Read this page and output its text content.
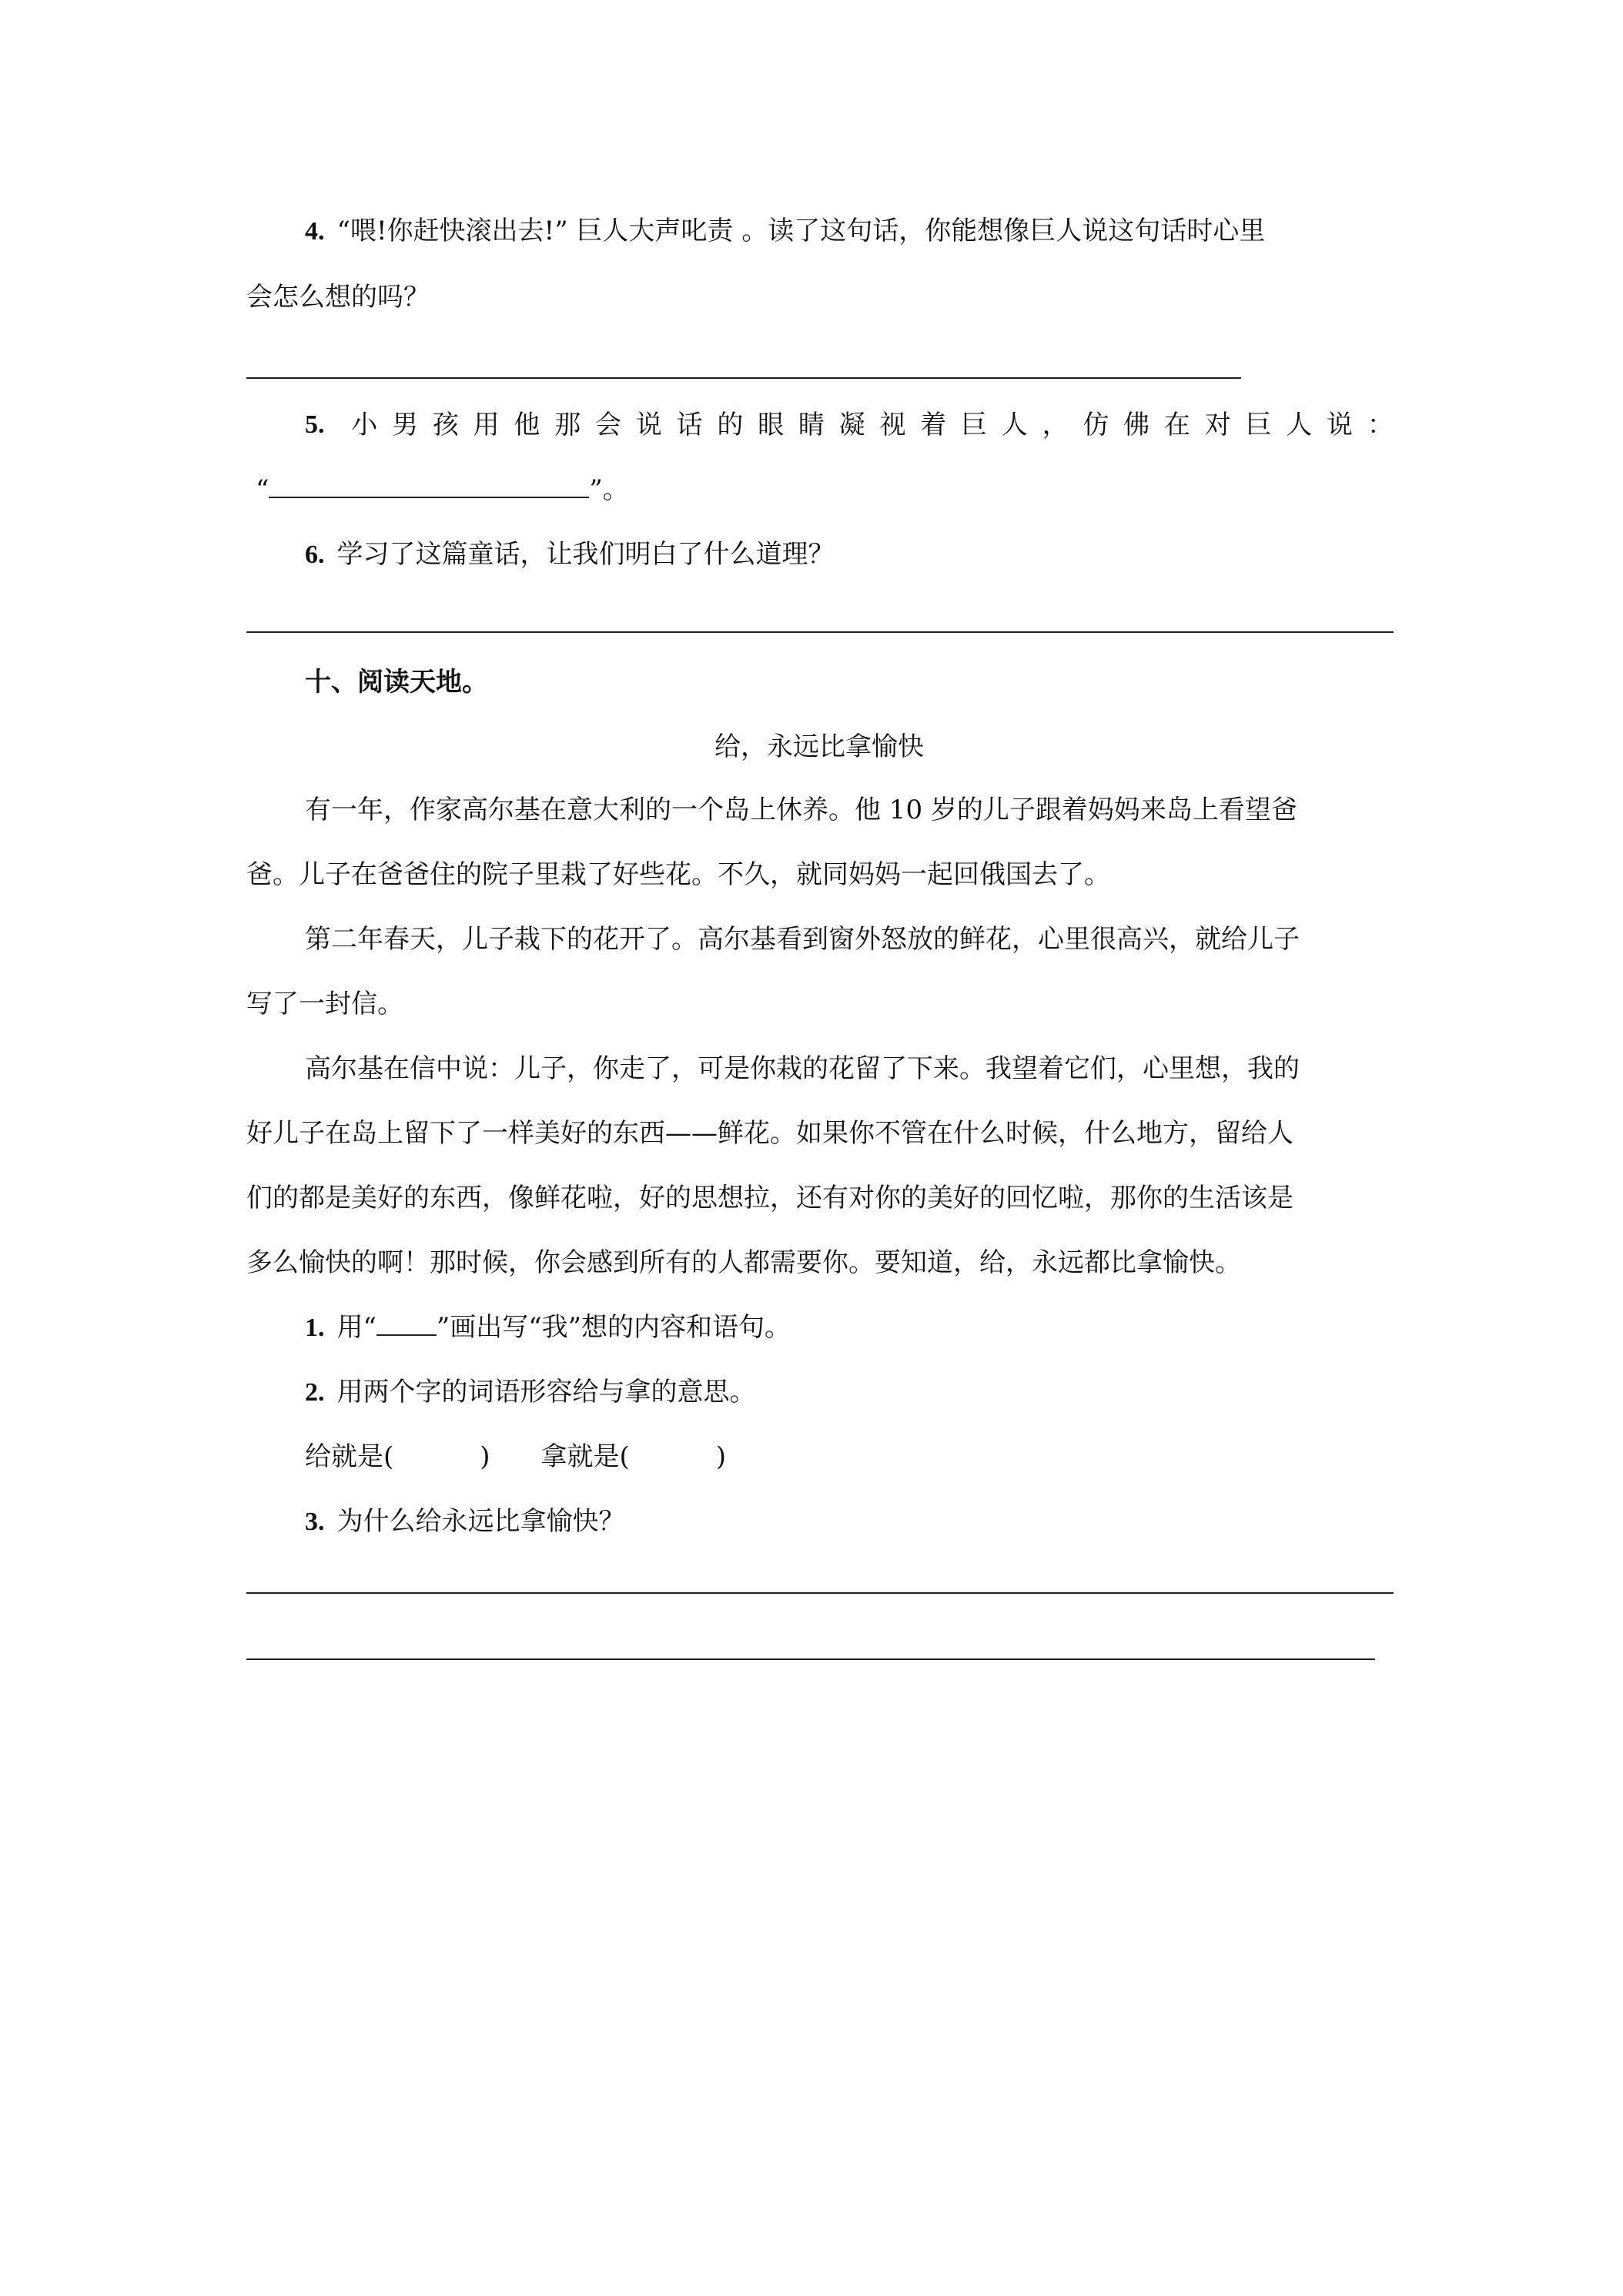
4. “喂!你赶快滚出去!” 巨人大声叱责 。读了这句话，你能想像巨人说这句话时心里
会怎么想的吗？
5. 小 男 孩 用 他 那 会 说 话 的 眼 睛 凝 视 着 巨 人 ， 仿 佛 在 对 巨 人 说 ：
“	”。
6. 学习了这篇童话，让我们明白了什么道理？
十、阅读天地。
给，永远比拿愉快
有一年，作家高尔基在意大利的一个岛上休养。他 10 岁的儿子跟着妈妈来岛上看望爸
爸。儿子在爸爸住的院子里栽了好些花。不久，就同妈妈一起回俄国去了。
第二年春天，儿子栽下的花开了。高尔基看到窗外怒放的鲜花，心里很高兴，就给儿子
写了一封信。
高尔基在信中说：儿子，你走了，可是你栽的花留了下来。我望着它们，心里想，我的
好儿子在岛上留下了一样美好的东西——鲜花。如果你不管在什么时候，什么地方，留给人
们的都是美好的东西，像鲜花啦，好的思想拉，还有对你的美好的回忆啦，那你的生活该是
多么愉快的啊！那时候，你会感到所有的人都需要你。要知道，给，永远都比拿愉快。
1. 用“ ”画出写“我”想的内容和语句。
2. 用两个字的词语形容给与拿的意思。
给就是(	) 拿就是(	)
3. 为什么给永远比拿愉快？
